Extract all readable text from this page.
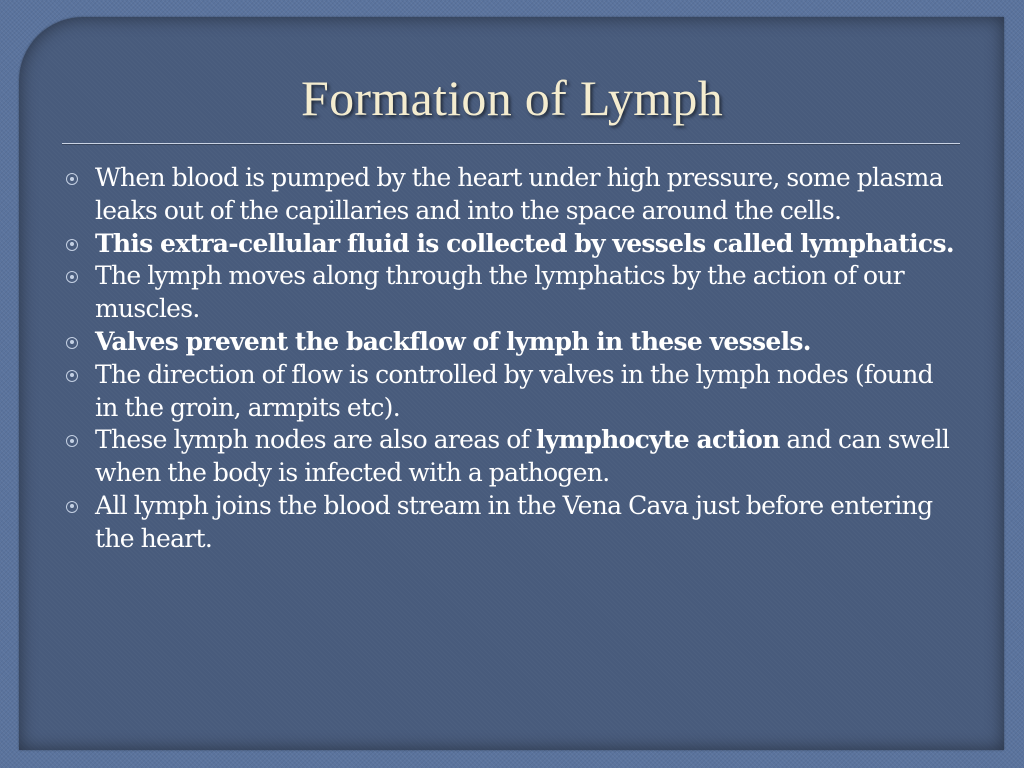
Formation of Lymph
When blood is pumped by the heart under high pressure, some plasma leaks out of the capillaries and into the space around the cells.
This extra-cellular fluid is collected by vessels called lymphatics.
The lymph moves along through the lymphatics by the action of our muscles.
Valves prevent the backflow of lymph in these vessels.
The direction of flow is controlled by valves in the lymph nodes (found in the groin, armpits etc).
These lymph nodes are also areas of lymphocyte action and can swell when the body is infected with a pathogen.
All lymph joins the blood stream in the Vena Cava just before entering the heart.
